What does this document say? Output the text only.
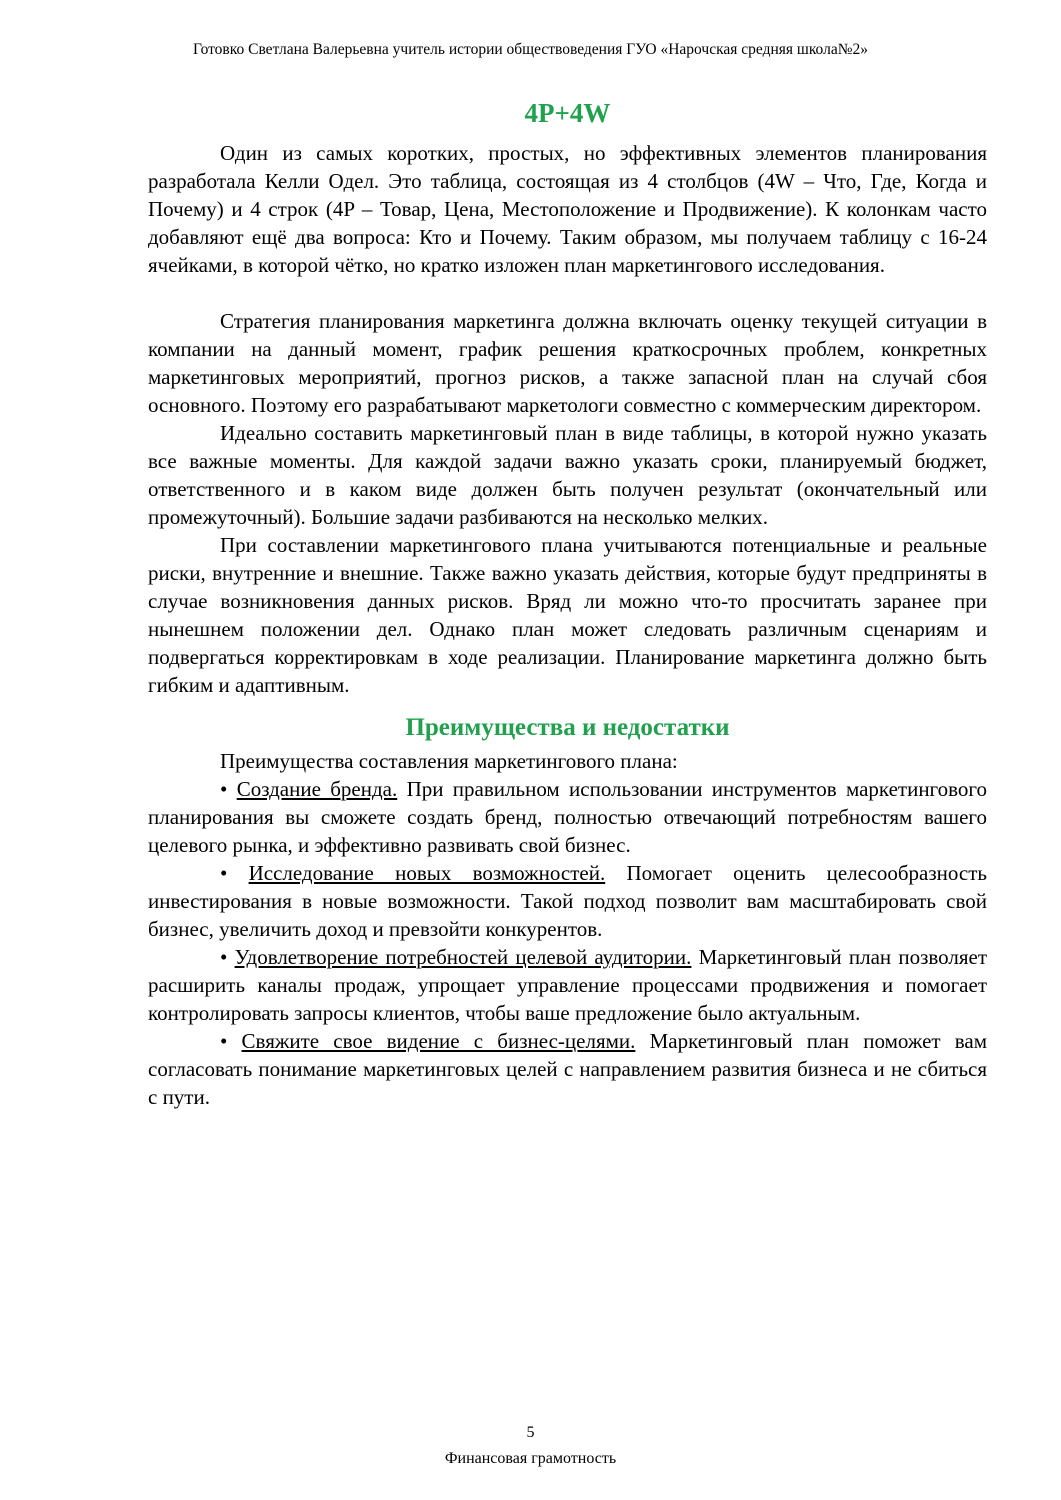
Готовко Светлана Валерьевна учитель истории обществоведения ГУО «Нарочская средняя школа№2»
4P+4W

Один из самых коротких, простых, но эффективных элементов планирования разработала Келли Одел. Это таблица, состоящая из 4 столбцов (4W – Что, Где, Когда и Почему) и 4 строк (4P – Товар, Цена, Местоположение и Продвижение). К колонкам часто добавляют ещё два вопроса: Кто и Почему. Таким образом, мы получаем таблицу с 16-24 ячейками, в которой чётко, но кратко изложен план маркетингового исследования.

Стратегия планирования маркетинга должна включать оценку текущей ситуации в компании на данный момент, график решения краткосрочных проблем, конкретных маркетинговых мероприятий, прогноз рисков, а также запасной план на случай сбоя основного. Поэтому его разрабатывают маркетологи совместно с коммерческим директором.

Идеально составить маркетинговый план в виде таблицы, в которой нужно указать все важные моменты. Для каждой задачи важно указать сроки, планируемый бюджет, ответственного и в каком виде должен быть получен результат (окончательный или промежуточный). Большие задачи разбиваются на несколько мелких.

При составлении маркетингового плана учитываются потенциальные и реальные риски, внутренние и внешние. Также важно указать действия, которые будут предприняты в случае возникновения данных рисков. Вряд ли можно что-то просчитать заранее при нынешнем положении дел. Однако план может следовать различным сценариям и подвергаться корректировкам в ходе реализации. Планирование маркетинга должно быть гибким и адаптивным.

Преимущества и недостатки

Преимущества составления маркетингового плана:

• Создание бренда. При правильном использовании инструментов маркетингового планирования вы сможете создать бренд, полностью отвечающий потребностям вашего целевого рынка, и эффективно развивать свой бизнес.

• Исследование новых возможностей. Помогает оценить целесообразность инвестирования в новые возможности. Такой подход позволит вам масштабировать свой бизнес, увеличить доход и превзойти конкурентов.

• Удовлетворение потребностей целевой аудитории. Маркетинговый план позволяет расширить каналы продаж, упрощает управление процессами продвижения и помогает контролировать запросы клиентов, чтобы ваше предложение было актуальным.

• Свяжите свое видение с бизнес-целями. Маркетинговый план поможет вам согласовать понимание маркетинговых целей с направлением развития бизнеса и не сбиться с пути.

5
Финансовая грамотность
